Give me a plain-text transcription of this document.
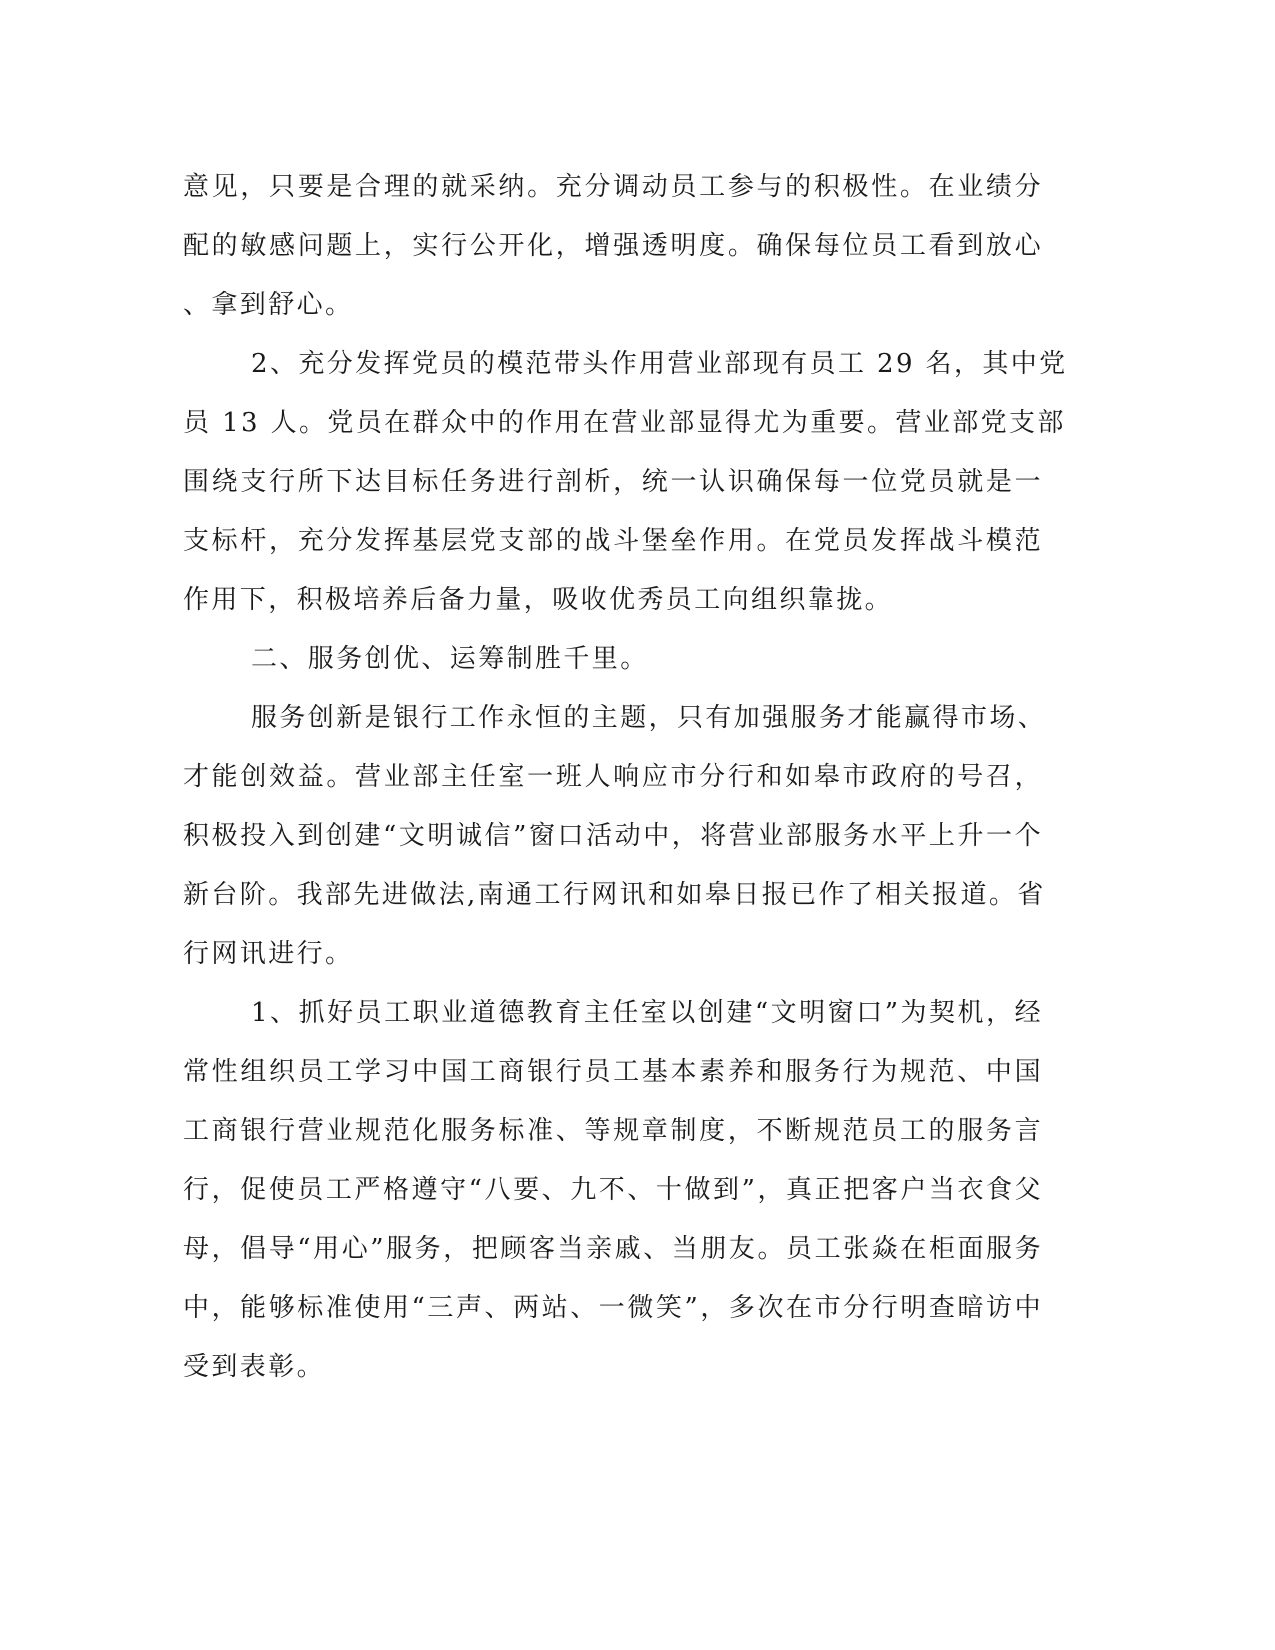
意见，只要是合理的就采纳。充分调动员工参与的积极性。在业绩分
配的敏感问题上，实行公开化，增强透明度。确保每位员工看到放心
、拿到舒心。
2、充分发挥党员的模范带头作用营业部现有员工 29 名，其中党
员 13 人。党员在群众中的作用在营业部显得尤为重要。营业部党支部
围绕支行所下达目标任务进行剖析，统一认识确保每一位党员就是一
支标杆，充分发挥基层党支部的战斗堡垒作用。在党员发挥战斗模范
作用下，积极培养后备力量，吸收优秀员工向组织靠拢。
二、服务创优、运筹制胜千里。
服务创新是银行工作永恒的主题，只有加强服务才能赢得市场、
才能创效益。营业部主任室一班人响应市分行和如皋市政府的号召，
积极投入到创建“文明诚信”窗口活动中，将营业部服务水平上升一个
新台阶。我部先进做法,南通工行网讯和如皋日报已作了相关报道。省
行网讯进行。
1、抓好员工职业道德教育主任室以创建“文明窗口”为契机，经
常性组织员工学习中国工商银行员工基本素养和服务行为规范、中国
工商银行营业规范化服务标准、等规章制度，不断规范员工的服务言
行，促使员工严格遵守“八要、九不、十做到”，真正把客户当衣食父
母，倡导“用心”服务，把顾客当亲戚、当朋友。员工张焱在柜面服务
中，能够标准使用“三声、两站、一微笑”，多次在市分行明查暗访中
受到表彰。
